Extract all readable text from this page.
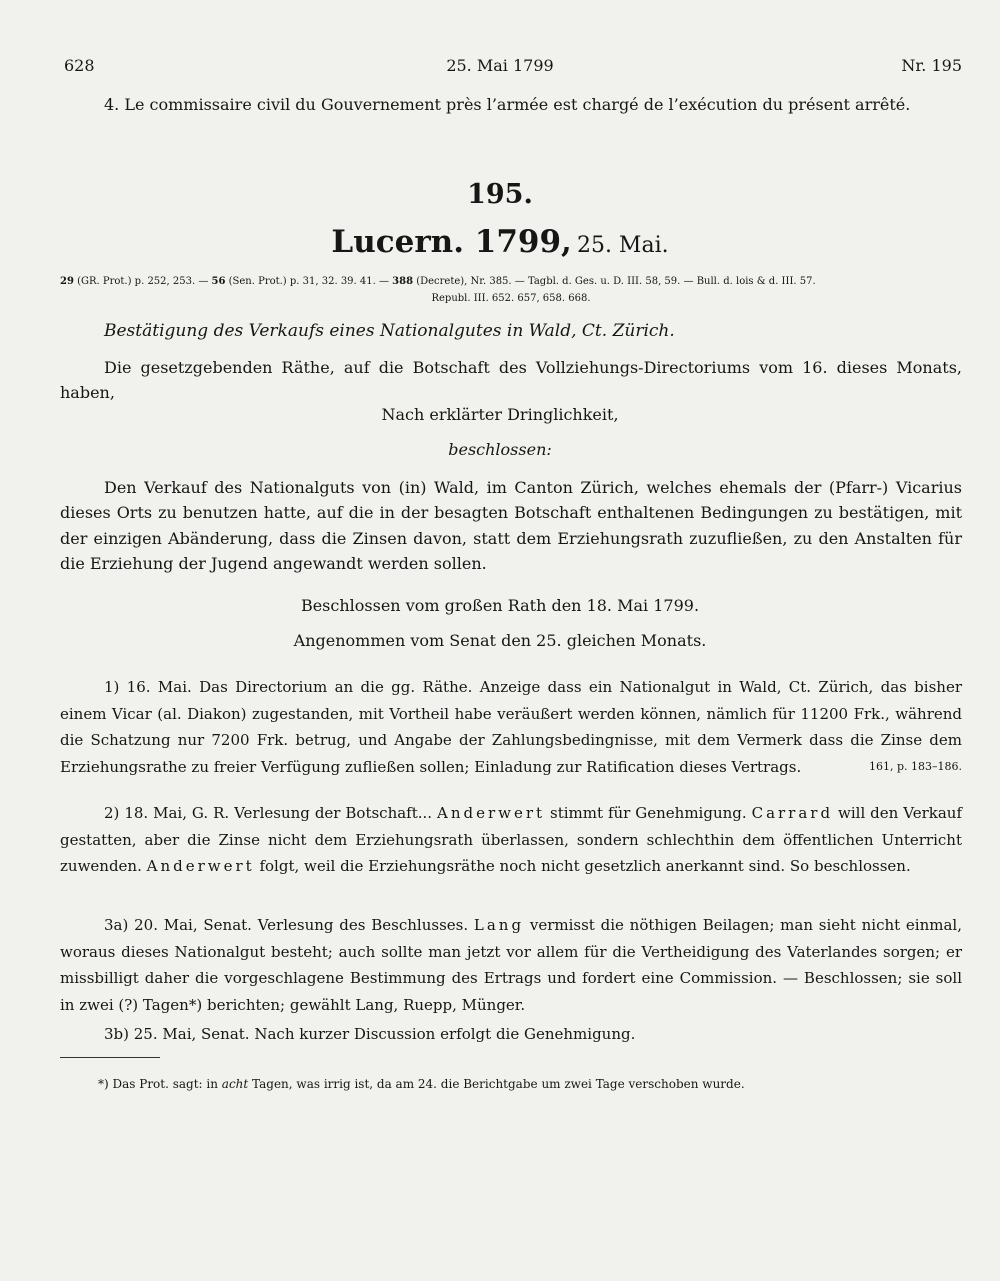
628	25. Mai 1799	Nr. 195

4. Le commissaire civil du Gouvernement près l’armée est chargé de l’exécution du présent arrêté.

195.
Lucern. 1799, 25. Mai.
29 (GR. Prot.) p. 252, 253. — 56 (Sen. Prot.) p. 31, 32. 39. 41. — 388 (Decrete), Nr. 385. — Tagbl. d. Ges. u. D. III. 58, 59. — Bull. d. lois & d. III. 57.
Republ. III. 652. 657, 658. 668.

Bestätigung des Verkaufs eines Nationalgutes in Wald, Ct. Zürich.

Die gesetzgebenden Räthe, auf die Botschaft des Vollziehungs-Directoriums vom 16. dieses Monats, haben,

Nach erklärter Dringlichkeit,

beschlossen:

Den Verkauf des Nationalguts von (in) Wald, im Canton Zürich, welches ehemals der (Pfarr-) Vicarius dieses Orts zu benutzen hatte, auf die in der besagten Botschaft enthaltenen Bedingungen zu bestätigen, mit der einzigen Abänderung, dass die Zinsen davon, statt dem Erziehungsrath zuzufließen, zu den Anstalten für die Erziehung der Jugend angewandt werden sollen.

Beschlossen vom großen Rath den 18. Mai 1799.

Angenommen vom Senat den 25. gleichen Monats.

1) 16. Mai. Das Directorium an die gg. Räthe. Anzeige dass ein Nationalgut in Wald, Ct. Zürich, das bisher einem Vicar (al. Diakon) zugestanden, mit Vortheil habe veräußert werden können, nämlich für 11200 Frk., während die Schatzung nur 7200 Frk. betrug, und Angabe der Zahlungsbedingnisse, mit dem Vermerk dass die Zinse dem Erziehungsrathe zu freier Verfügung zufließen sollen; Einladung zur Ratification dieses Vertrags.	161, p. 183–186.

2) 18. Mai, G. R. Verlesung der Botschaft... Anderwert stimmt für Genehmigung. Carrard will den Verkauf gestatten, aber die Zinse nicht dem Erziehungsrath überlassen, sondern schlechthin dem öffentlichen Unterricht zuwenden. Anderwert folgt, weil die Erziehungsräthe noch nicht gesetzlich anerkannt sind. So beschlossen.

3a) 20. Mai, Senat. Verlesung des Beschlusses. Lang vermisst die nöthigen Beilagen; man sieht nicht einmal, woraus dieses Nationalgut besteht; auch sollte man jetzt vor allem für die Vertheidigung des Vaterlandes sorgen; er missbilligt daher die vorgeschlagene Bestimmung des Ertrags und fordert eine Commission. — Beschlossen; sie soll in zwei (?) Tagen*) berichten; gewählt Lang, Ruepp, Münger.

3b) 25. Mai, Senat. Nach kurzer Discussion erfolgt die Genehmigung.

*) Das Prot. sagt: in acht Tagen, was irrig ist, da am 24. die Berichtgabe um zwei Tage verschoben wurde.
